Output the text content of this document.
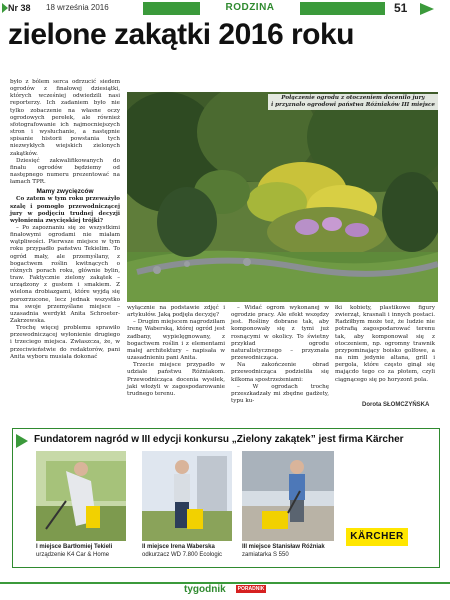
Nr 38 18 września 2016	RODZINA	51
zielone zakątki 2016 roku

było z bólem serca odrzucić siedem ogrodów z finałowej dziesiątki, których wcześniej odwiedzili nasi reporterzy. Ich zadaniem było nie tylko zobaczenie na własne oczy ogrodowych perełek, ale również sfotografowanie ich najmocniejszych stron i wysłuchanie, a następnie spisanie historii powstania tych niezwykłych wiejskich zielonych zakątków.

Dziesięć zakwalifikowanych do finału ogrodów będziemy od następnego numeru prezentować na łamach TPR.

Mamy zwycięzców

Co zatem w tym roku przeważyło szalę i pomogło przewodniczącej jury w podjęciu trudnej decyzji wyłonienia zwycięskiej trójki?

– Po zapoznaniu się ze wszystkimi finałowymi ogrodami nie miałam wątpliwości. Pierwsze miejsce w tym roku przypadło państwu Tekielim. To ogród mały, ale przemyślany, z bogactwem roślin kwitnących o różnych porach roku, głównie bylin, traw. Faktycznie zielony zakątek – urządzony z gustem i smakiem. Z wielona drobiazgami, które wyjdą się porozrzucone, lecz jednak wszystko ma swoje przemyślane miejsce – uzasadnia werdykt Anita Schroeter-Zakrzewska.

Trochę więcej problemu sprawiło przewodniczącej wyłonienie drugiego i trzeciego miejsca. Zwłaszcza, że, w przeciwieństwie do redaktorów, pani Anita wyboru musiała dokonać

Połączenie ogrodu z otoczeniem docenilo jury
i przyznało ogrodowi państwa Różniaków III miejsce

wyłącznie na podstawie zdjęć i artykułów. Jaką podjęła decyzję?

– Drugim miejscem nagrodziłam Irenę Waberską, której ogród jest zadbany, wypielęgnowany, z bogactwem roślin i z elementami małej architektury – napisała w uzasadnieniu pani Anita.

Trzecie miejsce przypadło w udziale państwu Różniakom. Przewodnicząca docenia wysiłek, jaki włożyli w zagospodarowanie trudnego terenu.

– Widać ogrom wykonanej w ogrodzie pracy. Ale efekt wszędzy jest. Rośliny dobrane tak, aby komponowały się z tymi już rosnącymi w okolicy. To świetny przykład ogrodu naturalistycznego – przyznała przewodnicząca.

Na zakończenie obrad przewodnicząca podzieliła się kilkoma spostrzeżeniami:

– W ogrodach trochę przeszkadzały mi zbędne gadżety, typu ku-

łki kobiety, plastikowe figury zwierząt, krasnali i innych postaci. Radziłbym może też, że ludzie nie potrafią zagospodarować terenu tak, aby komponował się z otoczeniem, np. ogromny trawnik przypominający boisko golfowe, a na nim jedynie altana, grill i pergola, które często ginął się mającdo tego co za płotem, czyli ciągnącego się po horyzont pola.

Dorota SŁOMCZYŃSKA
Fundatorem nagród w III edycji konkursu „Zielony zakątek” jest firma Kärcher
I miejsce Bartłomiej Tekieli
urządzenie K4 Car & Home
II miejsce Irena Waberska
odkurzacz WD 7.800 Ecologic
III miejsce Stanisław Różniak
zamiatarka S 550
KÄRCHER
tygodnik	PORADNIK
